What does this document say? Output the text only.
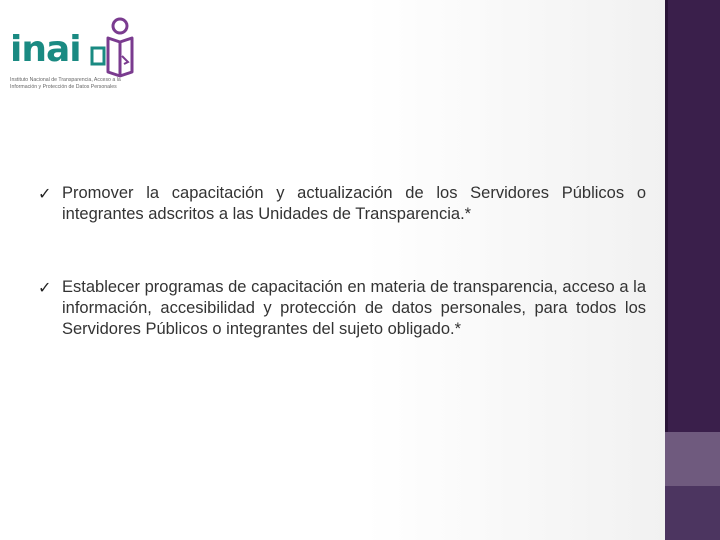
inai
Instituto Nacional de Transparencia, Acceso a la
Información y Protección de Datos Personales
✓ Promover la capacitación y actualización de los Servidores Públicos o integrantes adscritos a las Unidades de Transparencia.*
✓ Establecer programas de capacitación en materia de transparencia, acceso a la información, accesibilidad y protección de datos personales, para todos los Servidores Públicos o integrantes del sujeto obligado.*
